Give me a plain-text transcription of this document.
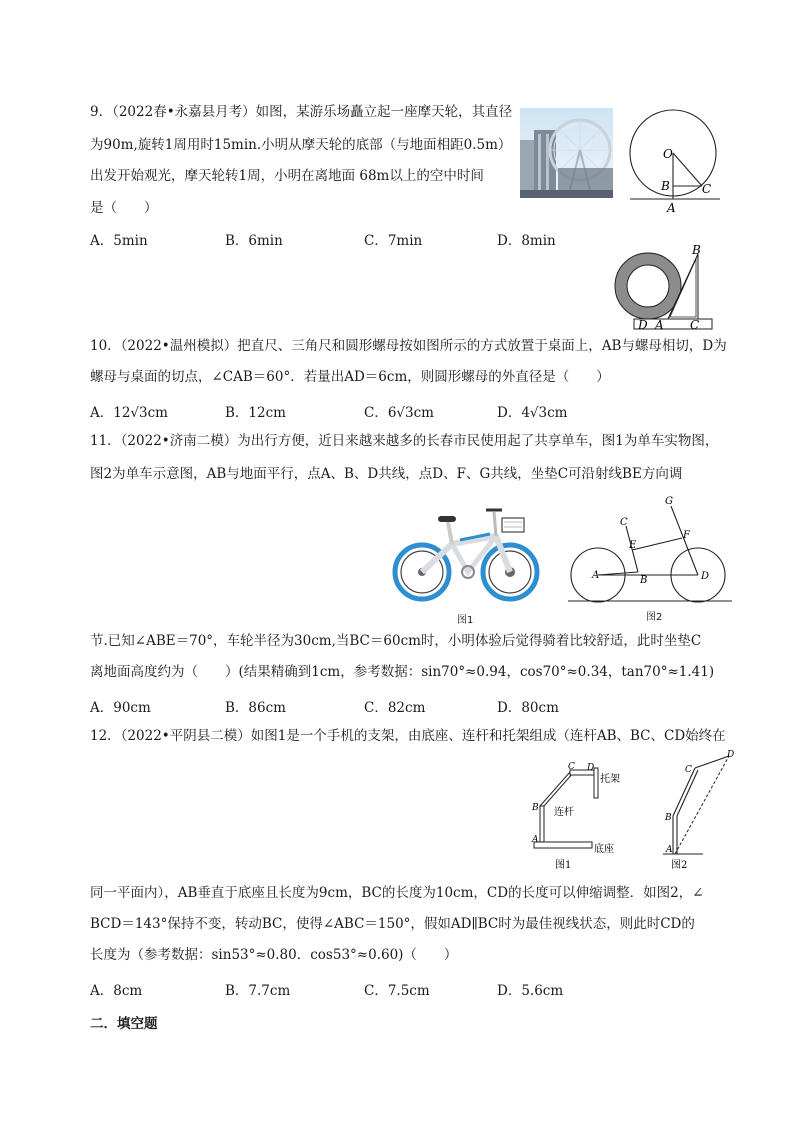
9．（2022春•永嘉县月考）如图，某游乐场矗立起一座摩天轮，其直径
为90m,旋转1周用时15min.小明从摩天轮的底部（与地面相距0.5m）
出发开始观光，摩天轮转1周，小明在离地面 68m以上的空中时间
是（　　）
A．5min	B．6min	C．7min	D．8min
O
B	C
A
B
D A C
10．（2022•温州模拟）把直尺、三角尺和圆形螺母按如图所示的方式放置于桌面上，AB与螺母相切，D为
螺母与桌面的切点，∠CAB＝60°．若量出AD＝6cm，则圆形螺母的外直径是（　　）
A．12√3cm	B．12cm	C．6√3cm	D．4√3cm
11．（2022•济南二模）为出行方便，近日来越来越多的长春市民使用起了共享单车，图1为单车实物图，
图2为单车示意图，AB与地面平行，点A、B、D共线，点D、F、G共线，坐垫C可沿射线BE方向调
图1
G
C
E
F
A	B	D
图2
节.已知∠ABE＝70°，车轮半径为30cm,当BC＝60cm时，小明体验后觉得骑着比较舒适，此时坐垫C
离地面高度约为（　　）(结果精确到1cm，参考数据：sin70°≈0.94，cos70°≈0.34，tan70°≈1.41)
A．90cm	B．86cm	C．82cm	D．80cm
12．（2022•平阴县二模）如图1是一个手机的支架，由底座、连杆和托架组成（连杆AB、BC、CD始终在
C D
托架
B 连杆
A
底座
图1
D
C
B
A
图2
同一平面内），AB垂直于底座且长度为9cm，BC的长度为10cm，CD的长度可以伸缩调整．如图2，∠
BCD＝143°保持不变，转动BC，使得∠ABC＝150°，假如AD∥BC时为最佳视线状态，则此时CD的
长度为（参考数据：sin53°≈0.80．cos53°≈0.60)（　　）
A．8cm	B．7.7cm	C．7.5cm	D．5.6cm
二．填空题
